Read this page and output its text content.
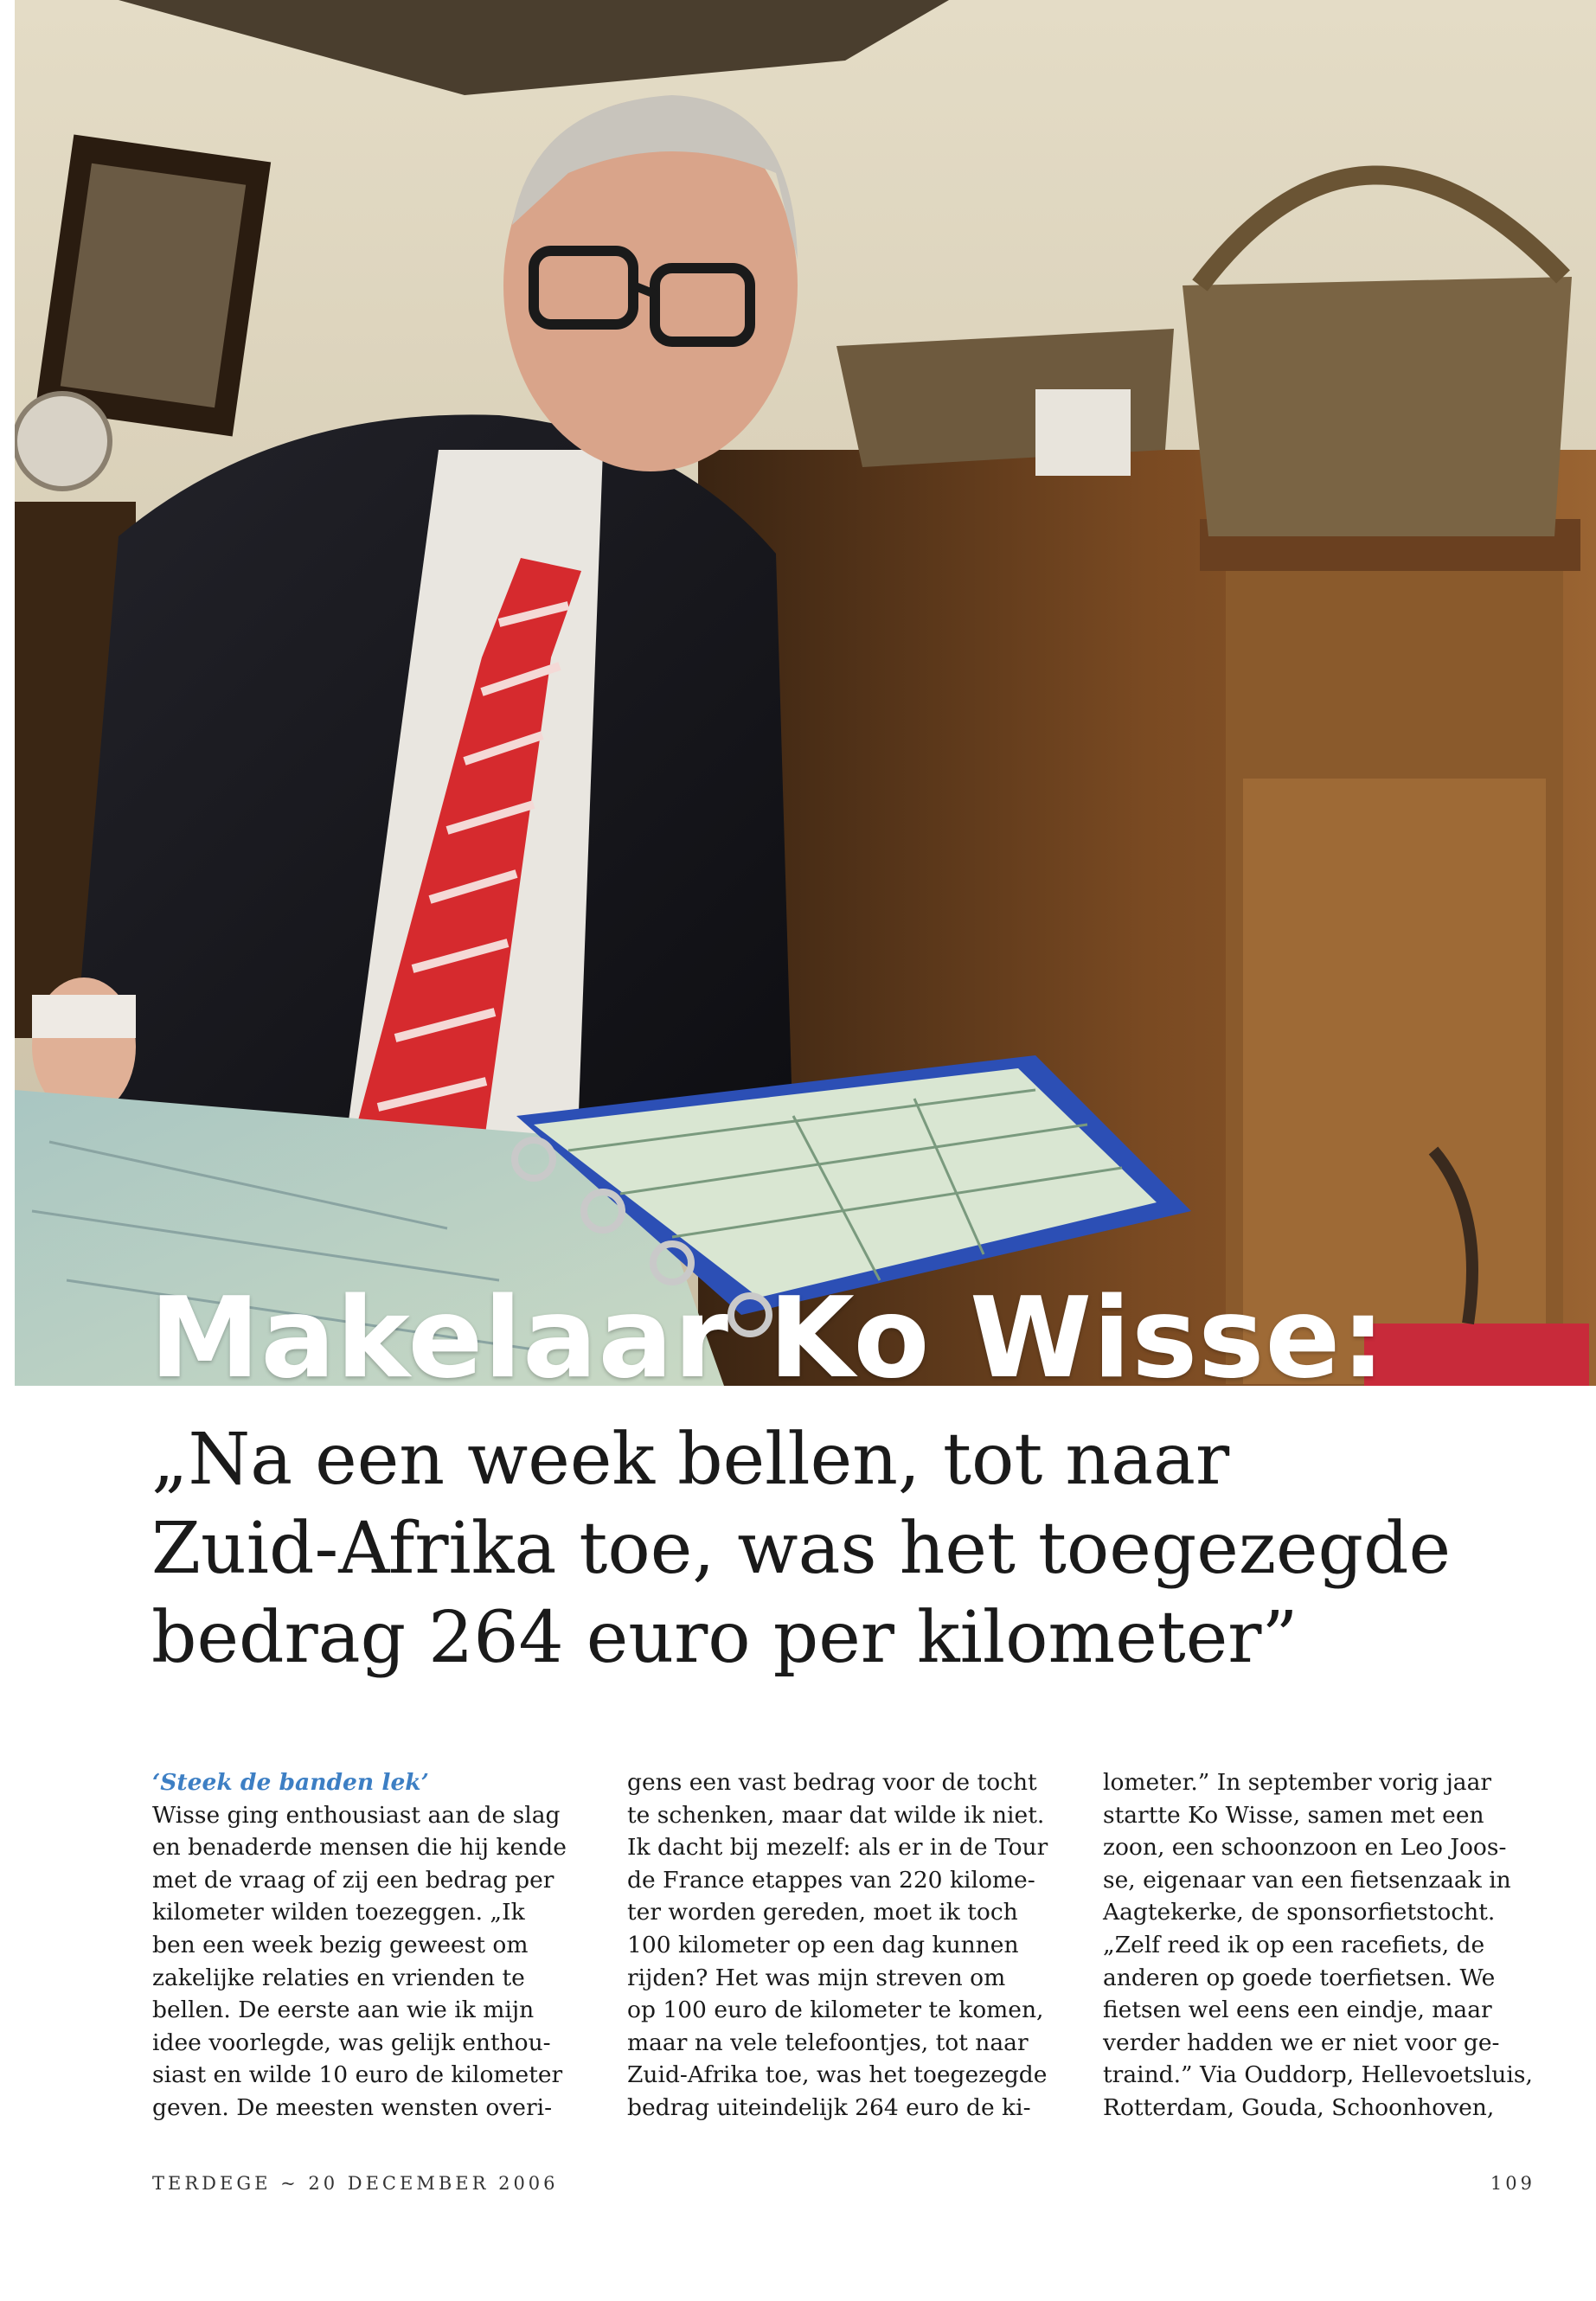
Makelaar Ko Wisse:
„Na een week bellen, tot naar
Zuid-Afrika toe, was het toegezegde
bedrag 264 euro per kilometer”
‘Steek de banden lek’
Wisse ging enthousiast aan de slag
en benaderde mensen die hij kende
met de vraag of zij een bedrag per
kilometer wilden toezeggen. „Ik
ben een week bezig geweest om
zakelijke relaties en vrienden te
bellen. De eerste aan wie ik mijn
idee voorlegde, was gelijk enthou-
siast en wilde 10 euro de kilometer
geven. De meesten wensten overi-
gens een vast bedrag voor de tocht
te schenken, maar dat wilde ik niet.
Ik dacht bij mezelf: als er in de Tour
de France etappes van 220 kilome-
ter worden gereden, moet ik toch
100 kilometer op een dag kunnen
rijden? Het was mijn streven om
op 100 euro de kilometer te komen,
maar na vele telefoontjes, tot naar
Zuid-Afrika toe, was het toegezegde
bedrag uiteindelijk 264 euro de ki-
lometer.” In september vorig jaar
startte Ko Wisse, samen met een
zoon, een schoonzoon en Leo Joos-
se, eigenaar van een fietsenzaak in
Aagtekerke, de sponsorfietstocht.
„Zelf reed ik op een racefiets, de
anderen op goede toerfietsen. We
fietsen wel eens een eindje, maar
verder hadden we er niet voor ge-
traind.” Via Ouddorp, Hellevoetsluis,
Rotterdam, Gouda, Schoonhoven,
TERDEGE ~ 20 DECEMBER 2006	109
